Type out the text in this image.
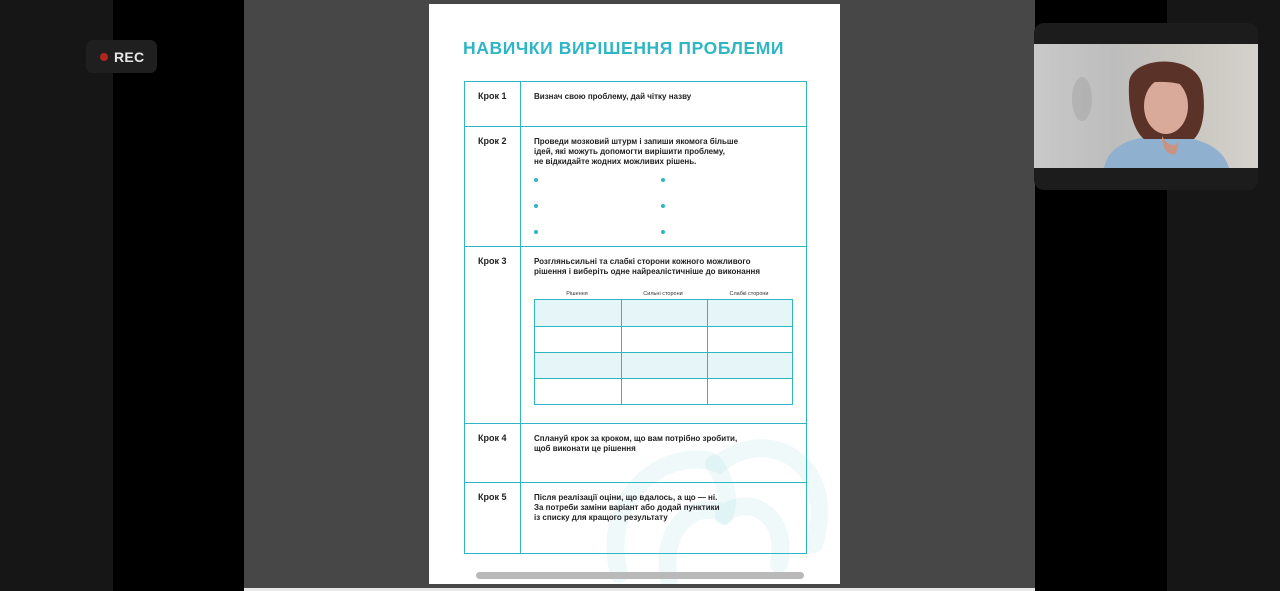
REC	НАВИЧКИ ВИРІШЕННЯ ПРОБЛЕМИ
Крок 1	Визнач свою проблему, дай чітку назву
Крок 2	Проведи мозковий штурм і запиши якомога більше
ідей, які можуть допомогти вирішити проблему,
не відкидайте жодних можливих рішень.
Крок 3	Розгляньсильні та слабкі сторони кожного можливого
рішення і виберіть одне найреалістичніше до виконання
Крок 4	Сплануй крок за кроком, що вам потрібно зробити,
щоб виконати це рішення
Крок 5	Після реалізації оціни, що вдалось, а що — ні.
За потреби заміни варіант або додай пунктики
із списку для кращого результату
Рішення	Сильні сторони	Слабкі сторони
